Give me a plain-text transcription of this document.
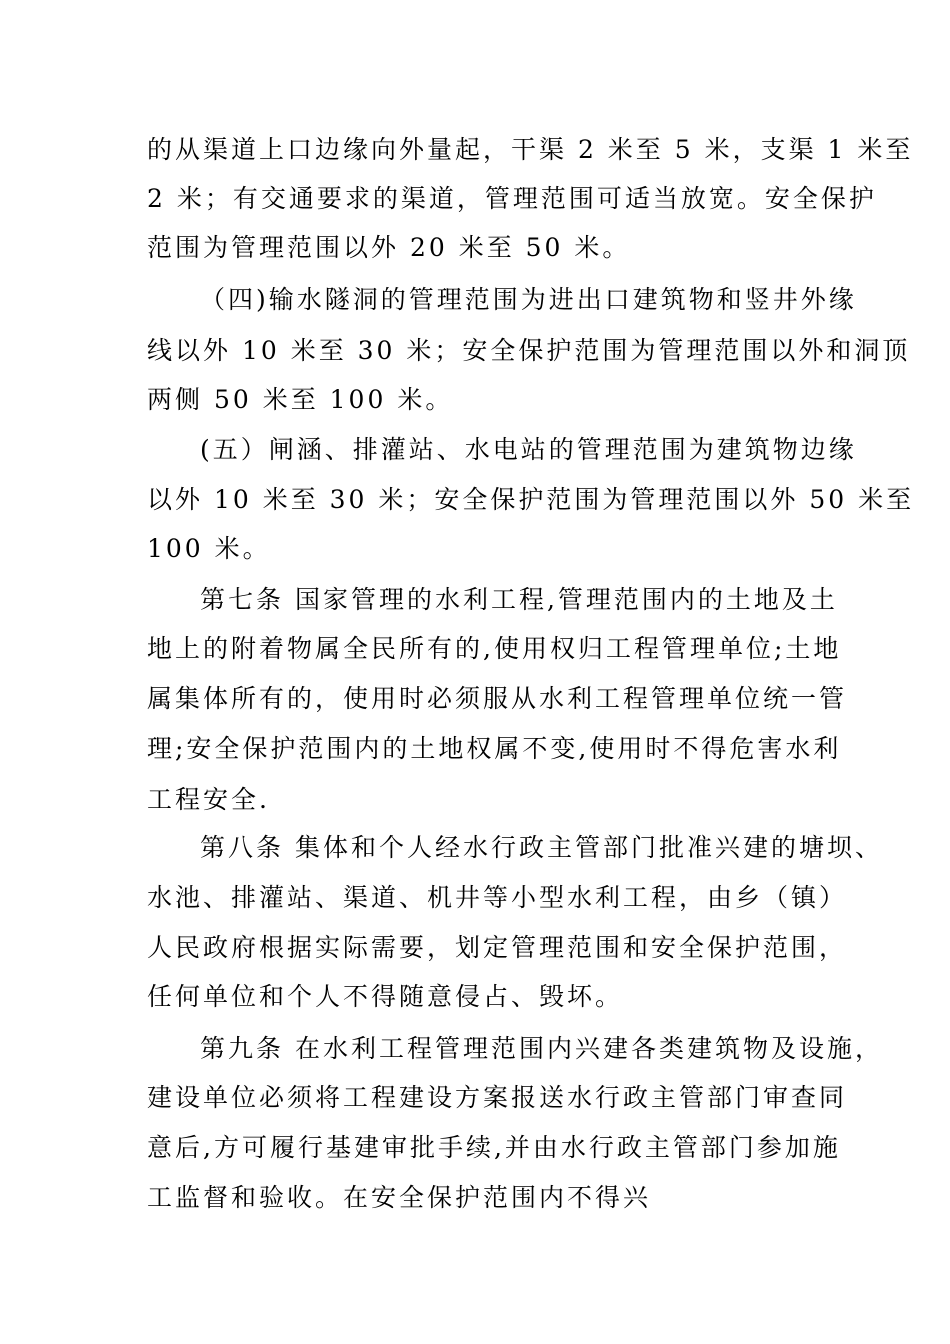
的从渠道上口边缘向外量起，干渠 2 米至 5 米，支渠 1 米至
2 米；有交通要求的渠道，管理范围可适当放宽。安全保护
范围为管理范围以外 20 米至 50 米。
（四)输水隧洞的管理范围为进出口建筑物和竖井外缘
线以外 10 米至 30 米；安全保护范围为管理范围以外和洞顶
两侧 50 米至 100 米。
(五）闸涵、排灌站、水电站的管理范围为建筑物边缘
以外 10 米至 30 米；安全保护范围为管理范围以外 50 米至
100 米。
第七条 国家管理的水利工程,管理范围内的土地及土
地上的附着物属全民所有的,使用权归工程管理单位;土地
属集体所有的，使用时必须服从水利工程管理单位统一管
理;安全保护范围内的土地权属不变,使用时不得危害水利
工程安全.
第八条 集体和个人经水行政主管部门批准兴建的塘坝、
水池、排灌站、渠道、机井等小型水利工程，由乡（镇）
人民政府根据实际需要，划定管理范围和安全保护范围，
任何单位和个人不得随意侵占、毁坏。
第九条 在水利工程管理范围内兴建各类建筑物及设施，
建设单位必须将工程建设方案报送水行政主管部门审查同
意后,方可履行基建审批手续,并由水行政主管部门参加施
工监督和验收。在安全保护范围内不得兴
